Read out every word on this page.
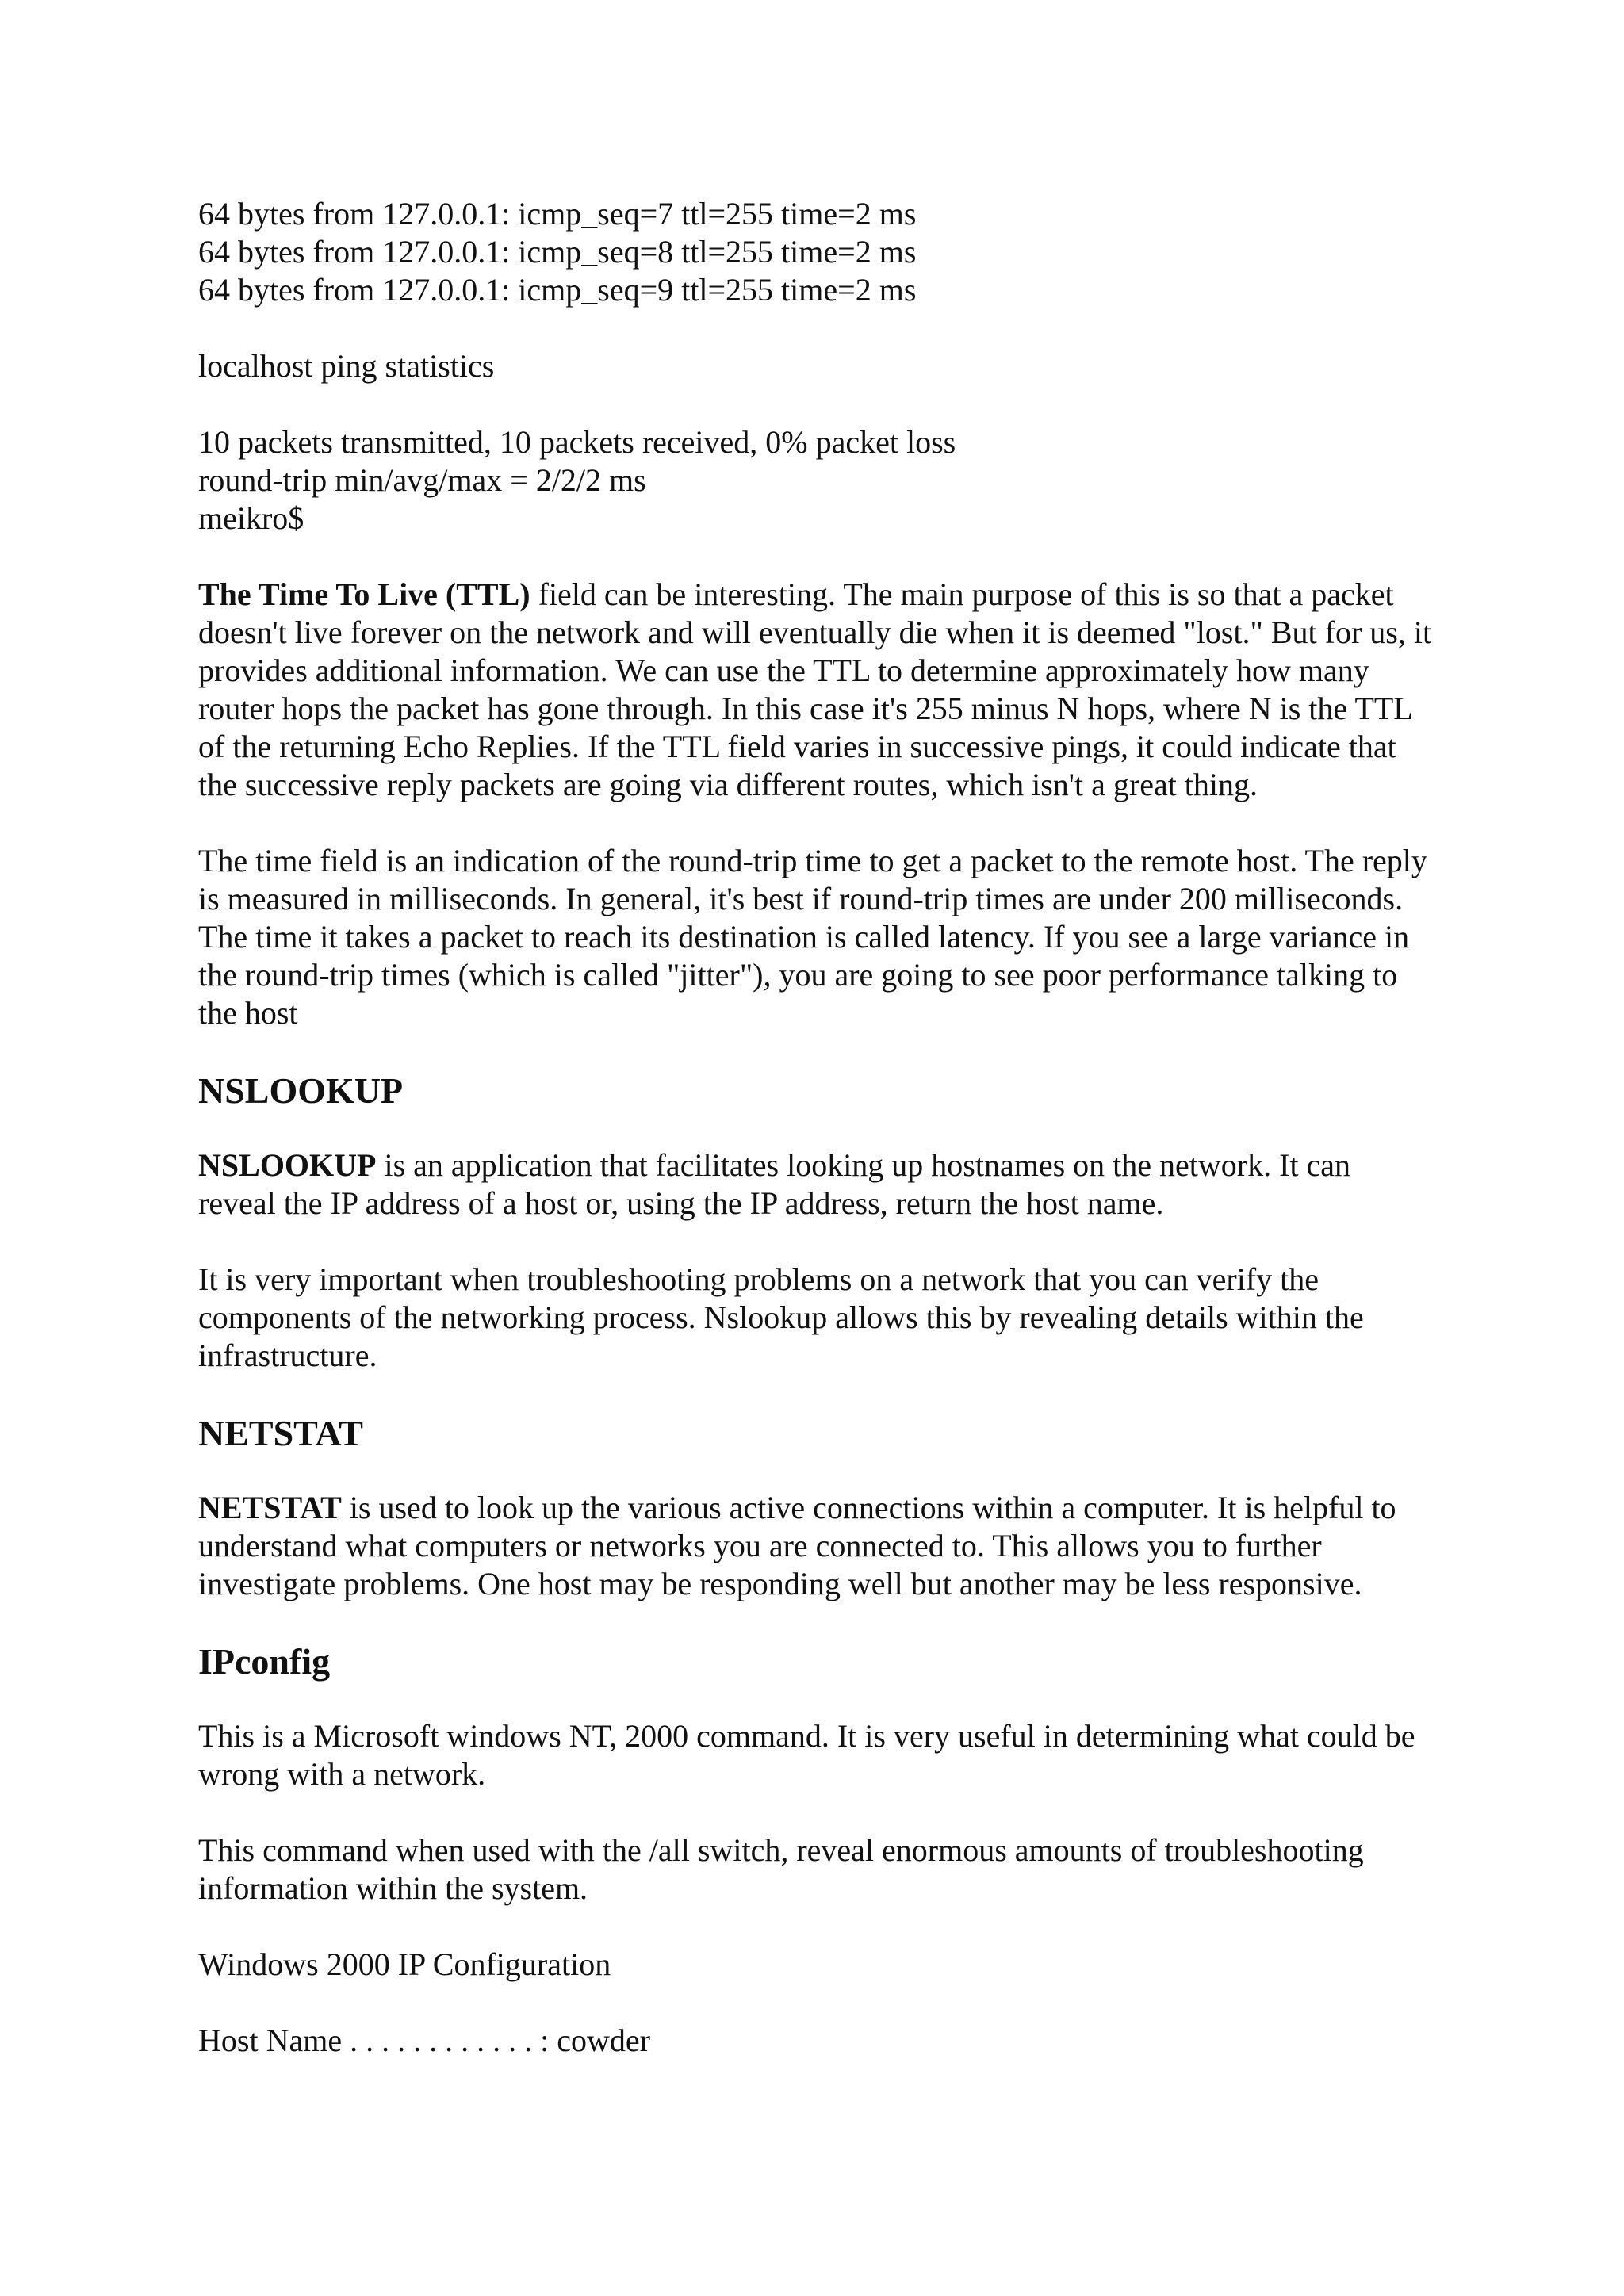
64 bytes from 127.0.0.1: icmp_seq=7 ttl=255 time=2 ms
64 bytes from 127.0.0.1: icmp_seq=8 ttl=255 time=2 ms
64 bytes from 127.0.0.1: icmp_seq=9 ttl=255 time=2 ms

localhost ping statistics

10 packets transmitted, 10 packets received, 0% packet loss
round-trip min/avg/max = 2/2/2 ms
meikro$

The Time To Live (TTL) field can be interesting. The main purpose of this is so that a packet doesn't live forever on the network and will eventually die when it is deemed "lost." But for us, it provides additional information. We can use the TTL to determine approximately how many router hops the packet has gone through. In this case it's 255 minus N hops, where N is the TTL of the returning Echo Replies. If the TTL field varies in successive pings, it could indicate that the successive reply packets are going via different routes, which isn't a great thing.

The time field is an indication of the round-trip time to get a packet to the remote host. The reply is measured in milliseconds. In general, it's best if round-trip times are under 200 milliseconds. The time it takes a packet to reach its destination is called latency. If you see a large variance in the round-trip times (which is called "jitter"), you are going to see poor performance talking to the host

NSLOOKUP

NSLOOKUP is an application that facilitates looking up hostnames on the network. It can reveal the IP address of a host or, using the IP address, return the host name.

It is very important when troubleshooting problems on a network that you can verify the components of the networking process. Nslookup allows this by revealing details within the infrastructure.

NETSTAT

NETSTAT is used to look up the various active connections within a computer. It is helpful to understand what computers or networks you are connected to. This allows you to further investigate problems. One host may be responding well but another may be less responsive.

IPconfig

This is a Microsoft windows NT, 2000 command. It is very useful in determining what could be wrong with a network.

This command when used with the /all switch, reveal enormous amounts of troubleshooting information within the system.

Windows 2000 IP Configuration

Host Name . . . . . . . . . . . . : cowder
